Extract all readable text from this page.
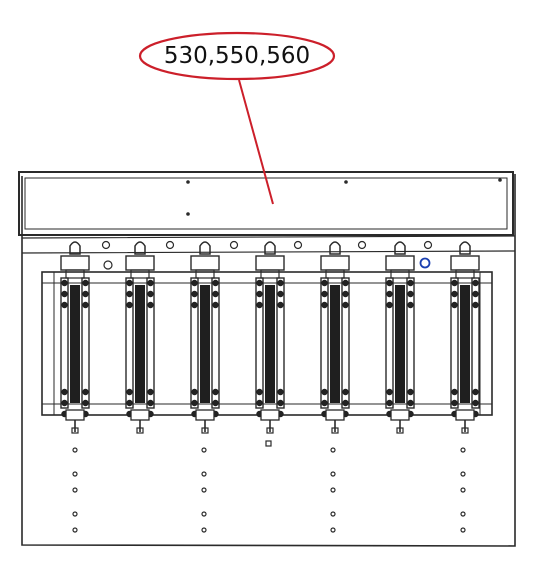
530,550,560
